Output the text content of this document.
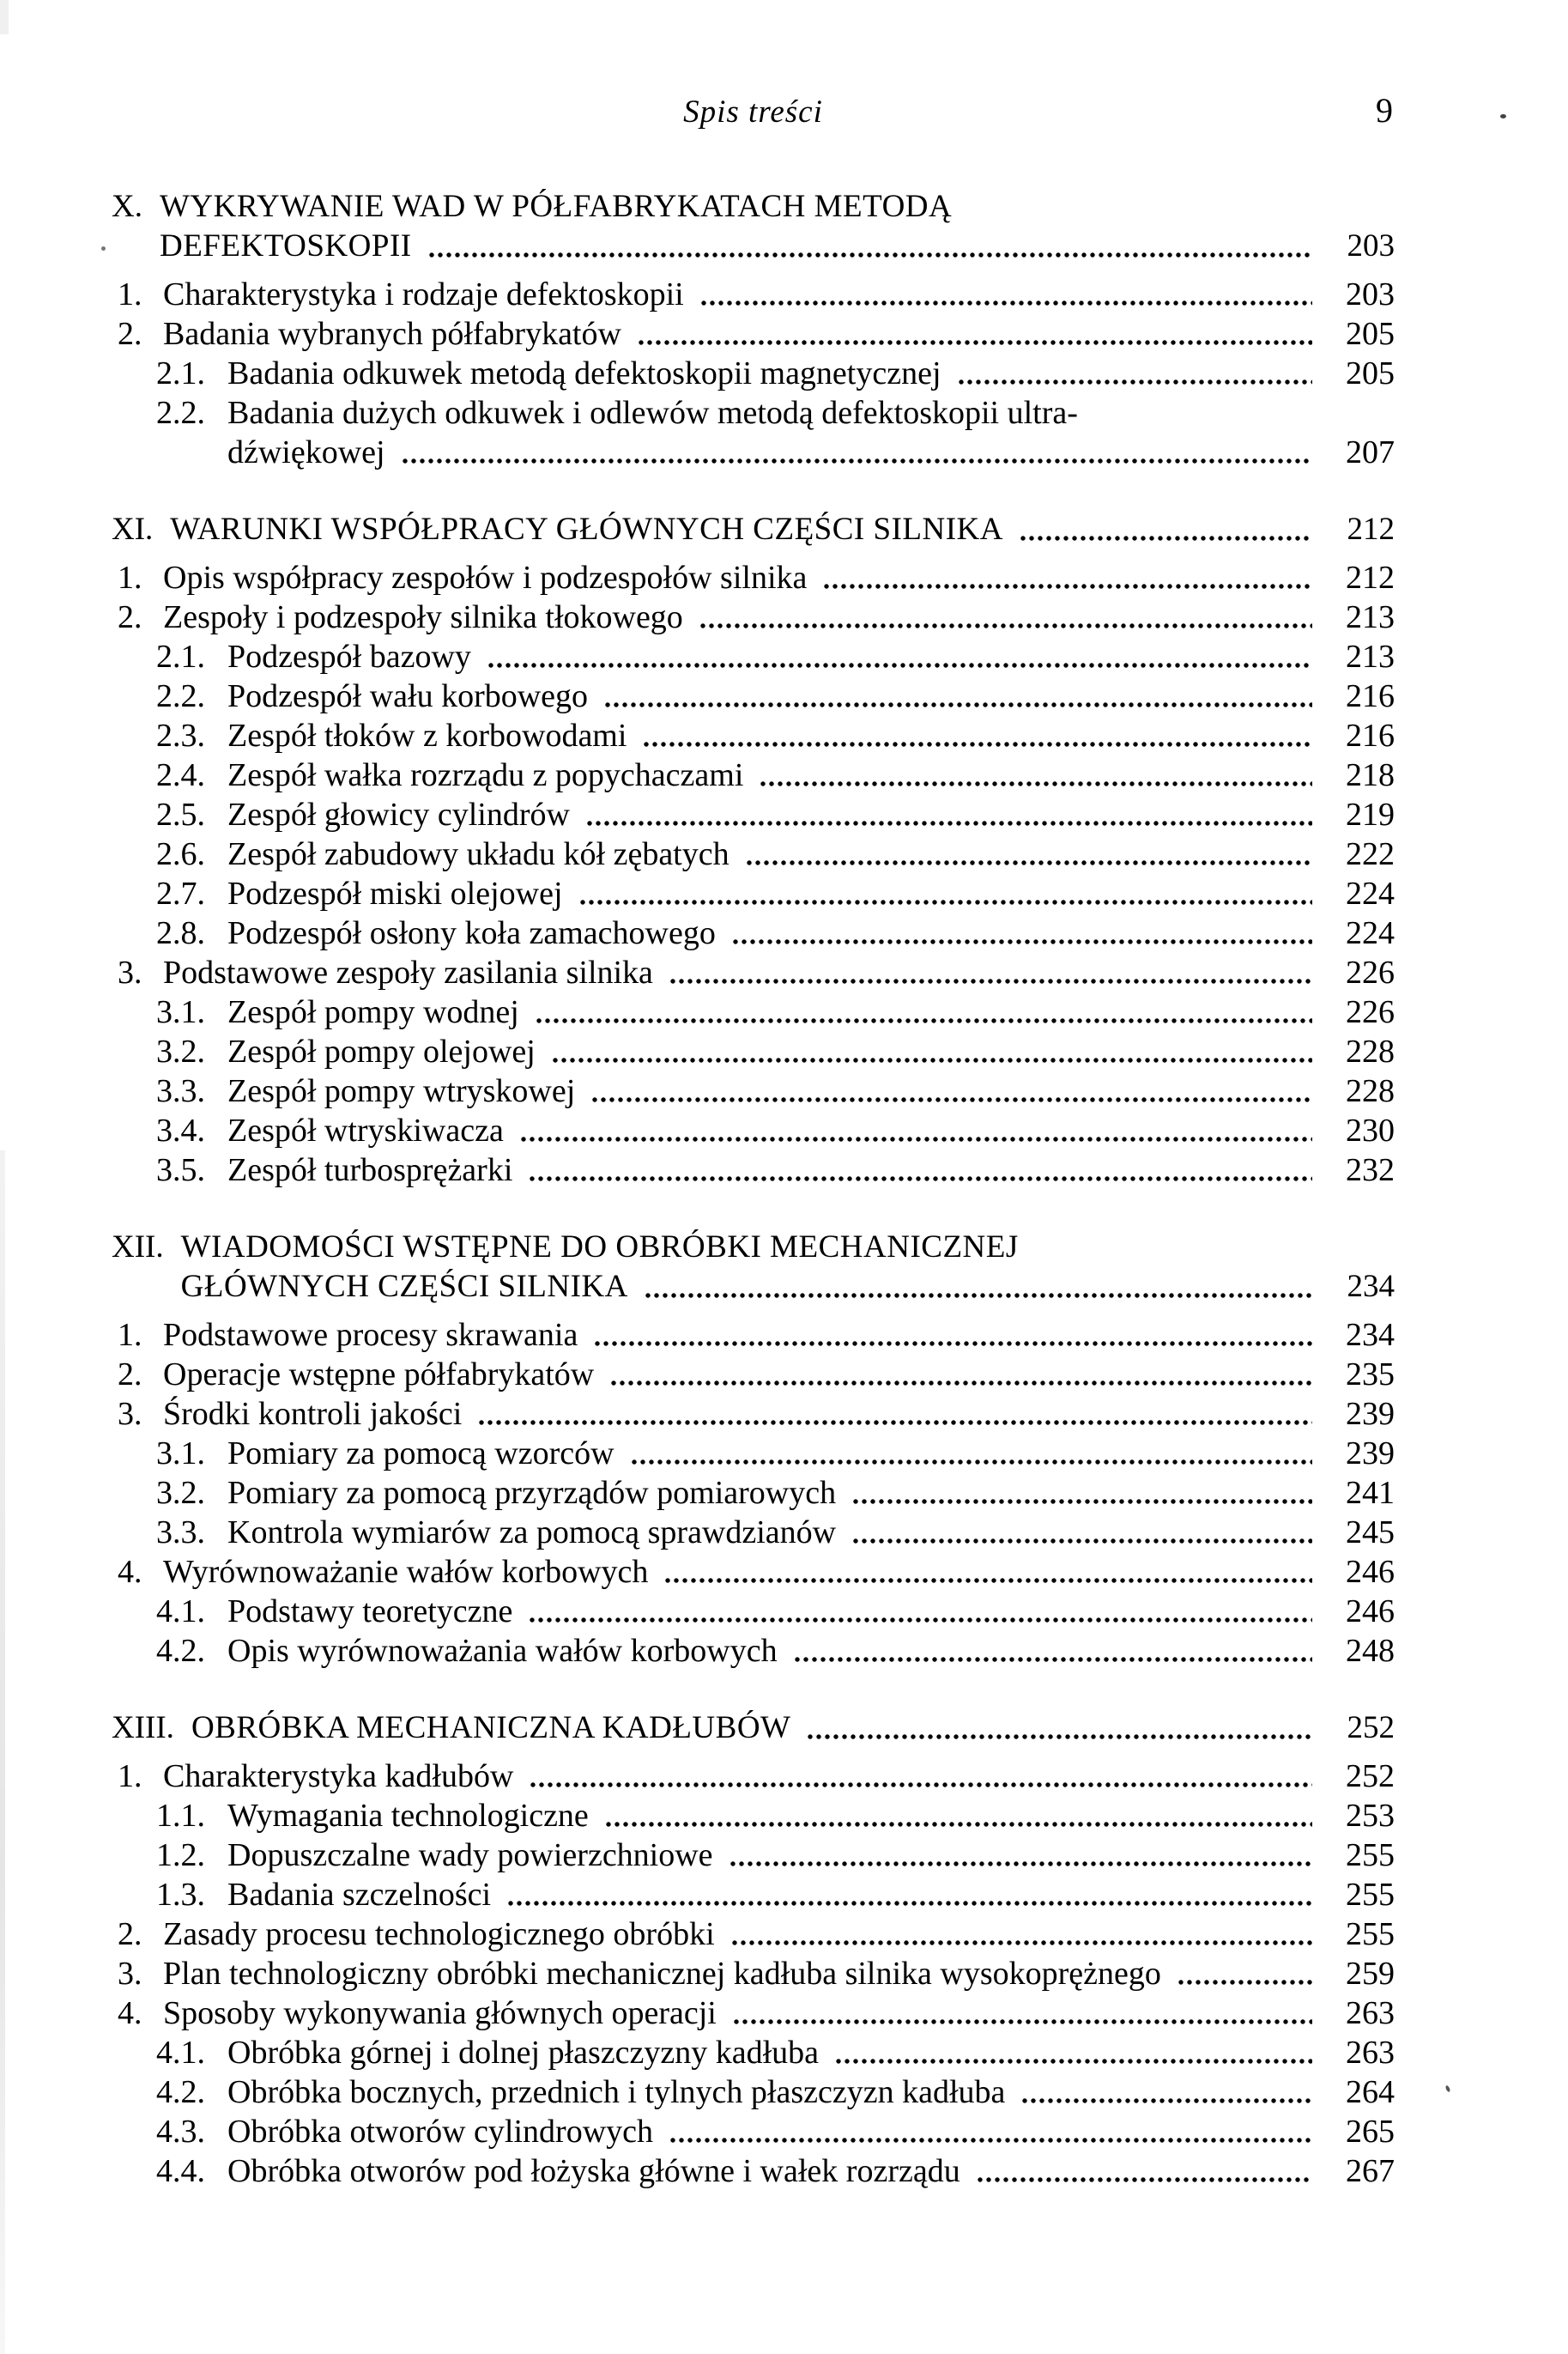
Spis treści	9
X. WYKRYWANIE WAD W PÓŁFABRYKATACH METODĄ
DEFEKTOSKOPII	203
1. Charakterystyka i rodzaje defektoskopii	203
2. Badania wybranych półfabrykatów	205
2.1. Badania odkuwek metodą defektoskopii magnetycznej	205
2.2. Badania dużych odkuwek i odlewów metodą defektoskopii ultra-
dźwiękowej	207
XI. WARUNKI WSPÓŁPRACY GŁÓWNYCH CZĘŚCI SILNIKA	212
1. Opis współpracy zespołów i podzespołów silnika	212
2. Zespoły i podzespoły silnika tłokowego	213
2.1. Podzespół bazowy	213
2.2. Podzespół wału korbowego	216
2.3. Zespół tłoków z korbowodami	216
2.4. Zespół wałka rozrządu z popychaczami	218
2.5. Zespół głowicy cylindrów	219
2.6. Zespół zabudowy układu kół zębatych	222
2.7. Podzespół miski olejowej	224
2.8. Podzespół osłony koła zamachowego	224
3. Podstawowe zespoły zasilania silnika	226
3.1. Zespół pompy wodnej	226
3.2. Zespół pompy olejowej	228
3.3. Zespół pompy wtryskowej	228
3.4. Zespół wtryskiwacza	230
3.5. Zespół turbosprężarki	232
XII. WIADOMOŚCI WSTĘPNE DO OBRÓBKI MECHANICZNEJ
GŁÓWNYCH CZĘŚCI SILNIKA	234
1. Podstawowe procesy skrawania	234
2. Operacje wstępne półfabrykatów	235
3. Środki kontroli jakości	239
3.1. Pomiary za pomocą wzorców	239
3.2. Pomiary za pomocą przyrządów pomiarowych	241
3.3. Kontrola wymiarów za pomocą sprawdzianów	245
4. Wyrównoważanie wałów korbowych	246
4.1. Podstawy teoretyczne	246
4.2. Opis wyrównoważania wałów korbowych	248
XIII. OBRÓBKA MECHANICZNA KADŁUBÓW	252
1. Charakterystyka kadłubów	252
1.1. Wymagania technologiczne	253
1.2. Dopuszczalne wady powierzchniowe	255
1.3. Badania szczelności	255
2. Zasady procesu technologicznego obróbki	255
3. Plan technologiczny obróbki mechanicznej kadłuba silnika wysokoprężnego	259
4. Sposoby wykonywania głównych operacji	263
4.1. Obróbka górnej i dolnej płaszczyzny kadłuba	263
4.2. Obróbka bocznych, przednich i tylnych płaszczyzn kadłuba	264
4.3. Obróbka otworów cylindrowych	265
4.4. Obróbka otworów pod łożyska główne i wałek rozrządu	267
